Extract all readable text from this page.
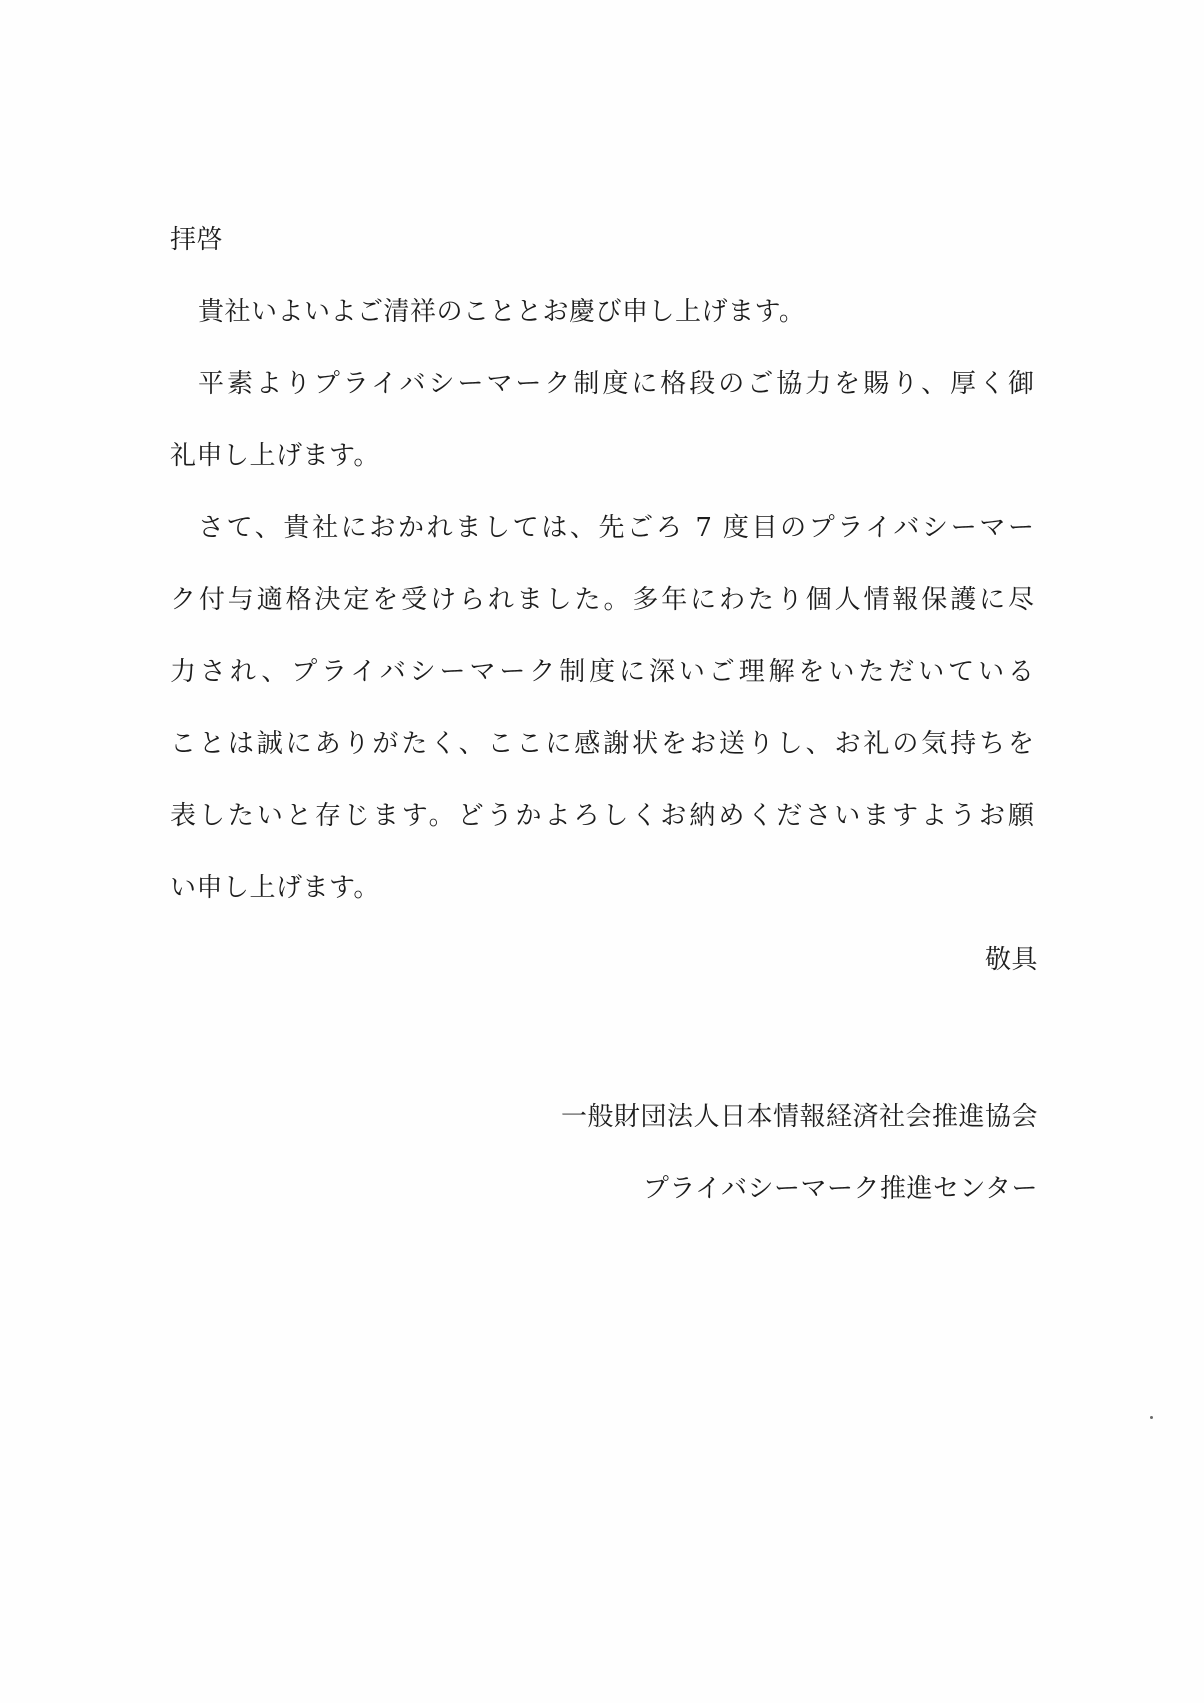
拝啓
貴社いよいよご清祥のこととお慶び申し上げます。
平素よりプライバシーマーク制度に格段のご協力を賜り、厚く御
礼申し上げます。
さて、貴社におかれましては、先ごろ 7 度目のプライバシーマー
ク付与適格決定を受けられました。多年にわたり個人情報保護に尽
力され、プライバシーマーク制度に深いご理解をいただいている
ことは誠にありがたく、ここに感謝状をお送りし、お礼の気持ちを
表したいと存じます。どうかよろしくお納めくださいますようお願
い申し上げます。
敬具
一般財団法人日本情報経済社会推進協会
プライバシーマーク推進センター
